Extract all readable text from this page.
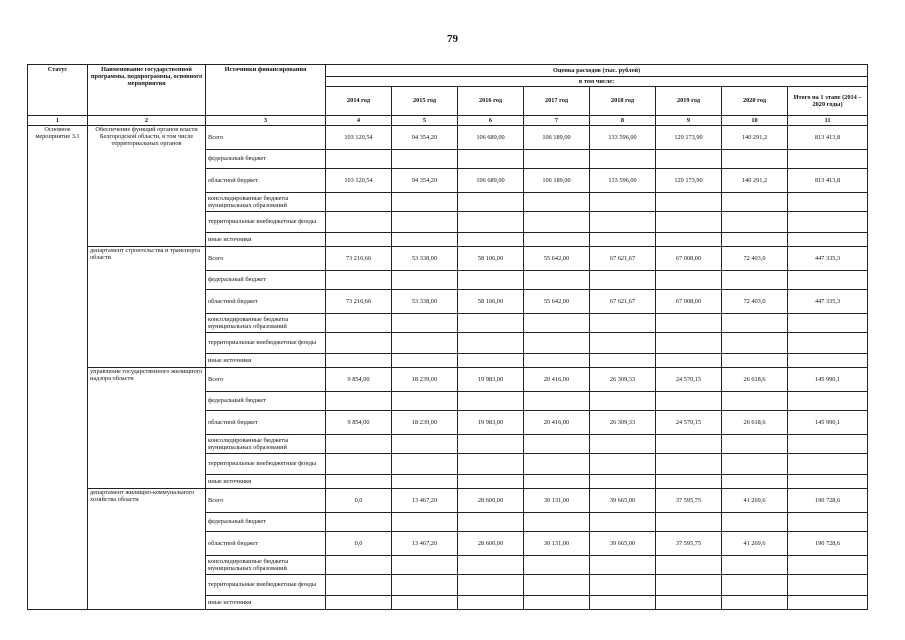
79
Статус	Наименование государственной программы, подпрограммы, основного мероприятия	Источники финансирования	Оценка расходов (тыс. рублей)							
			в том числе:							
			2014 год	2015 год	2016 год	2017 год	2018 год	2019 год	2020 год	Итого на 1 этапе (2014 – 2020 годы)
1	2	3	4	5	6	7	8	9	10	11
Основное мероприятие 3.1	Обеспечение функций органов власти Белгородской области, в том числе территориальных органов	Всего	103 120,54	94 354,20	106 689,00	106 189,00	133 596,00	129 173,90	140 291,2	813 413,8
		федеральный бюджет								
		областной бюджет	103 120,54	94 354,20	106 689,00	106 189,00	133 596,00	129 173,90	140 291,2	813 413,8
		консолидированные бюджеты муниципальных образований								
		территориальные внебюджетные фонды								
		иные источники								
	департамент строительства и транспорта области	Всего	73 216,66	53 338,00	58 106,00	55 642,00	67 621,67	67 008,00	72 403,0	447 335,3
		федеральный бюджет								
		областной бюджет	73 216,66	53 338,00	58 106,00	55 642,00	67 621,67	67 008,00	72 403,0	447 335,3
		консолидированные бюджеты муниципальных образований								
		территориальные внебюджетные фонды								
		иные источники								
	управление государственного жилищного надзора области	Всего	9 854,00	18 239,00	19 983,00	20 416,00	26 309,33	24 570,15	26 618,6	145 990,1
		федеральный бюджет								
		областной бюджет	9 854,00	18 239,00	19 983,00	20 416,00	26 309,33	24 570,15	26 618,6	145 990,1
		консолидированные бюджеты муниципальных образований								
		территориальные внебюджетные фонды								
		иные источники								
	департамент жилищно-коммунального хозяйства области	Всего	0,0	13 467,20	28 600,00	30 131,00	39 665,00	37 595,75	41 269,6	190 728,6
		федеральный бюджет								
		областной бюджет	0,0	13 467,20	28 600,00	30 131,00	39 665,00	37 595,75	41 269,6	190 728,6
		консолидированные бюджеты муниципальных образований								
		территориальные внебюджетные фонды								
		иные источники								
